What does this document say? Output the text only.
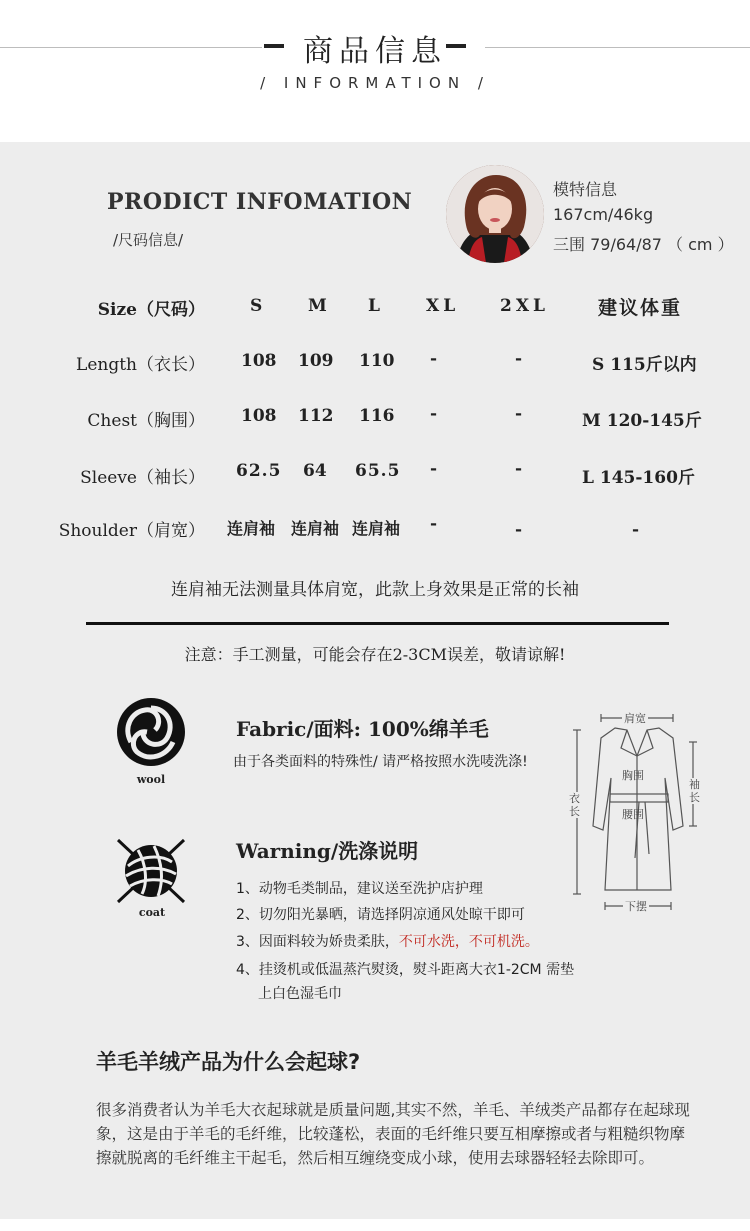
商品信息
/ INFORMATION /
PRODICT INFOMATION
/尺码信息/
模特信息
167cm/46kg
三围 79/64/87 （ cm ）
Size（尺码）	S	M L	XL 2XL	建议体重
Length（衣长） 108 109 110 -	-	S 115斤以内
Chest（胸围） 108 112 116 -	-	M 120-145斤
Sleeve（袖长） 62.5 64 65.5 -	-	L 145-160斤
Shoulder（肩宽） 连肩袖 连肩袖 连肩袖 -	-	-
连肩袖无法测量具体肩宽，此款上身效果是正常的长袖
注意：手工测量，可能会存在2-3CM误差，敬请谅解!
wool
Fabric/面料: 100%绵羊毛
由于各类面料的特殊性/ 请严格按照水洗唛洗涤!
coat
Warning/洗涤说明
1、动物毛类制品，建议送至洗护店护理
2、切勿阳光暴晒，请选择阴凉通风处晾干即可
3、因面料较为娇贵柔肤，不可水洗，不可机洗。
4、挂烫机或低温蒸汽熨烫，熨斗距离大衣1-2CM 需垫
上白色湿毛巾
肩宽
胸围
腰围
衣长
袖长
下摆
羊毛羊绒产品为什么会起球?
很多消费者认为羊毛大衣起球就是质量问题,其实不然，羊毛、羊绒类产品都存在起球现象，这是由于羊毛的毛纤维，比较蓬松，表面的毛纤维只要互相摩擦或者与粗糙织物摩擦就脱离的毛纤维主干起毛，然后相互缠绕变成小球，使用去球器轻轻去除即可。
